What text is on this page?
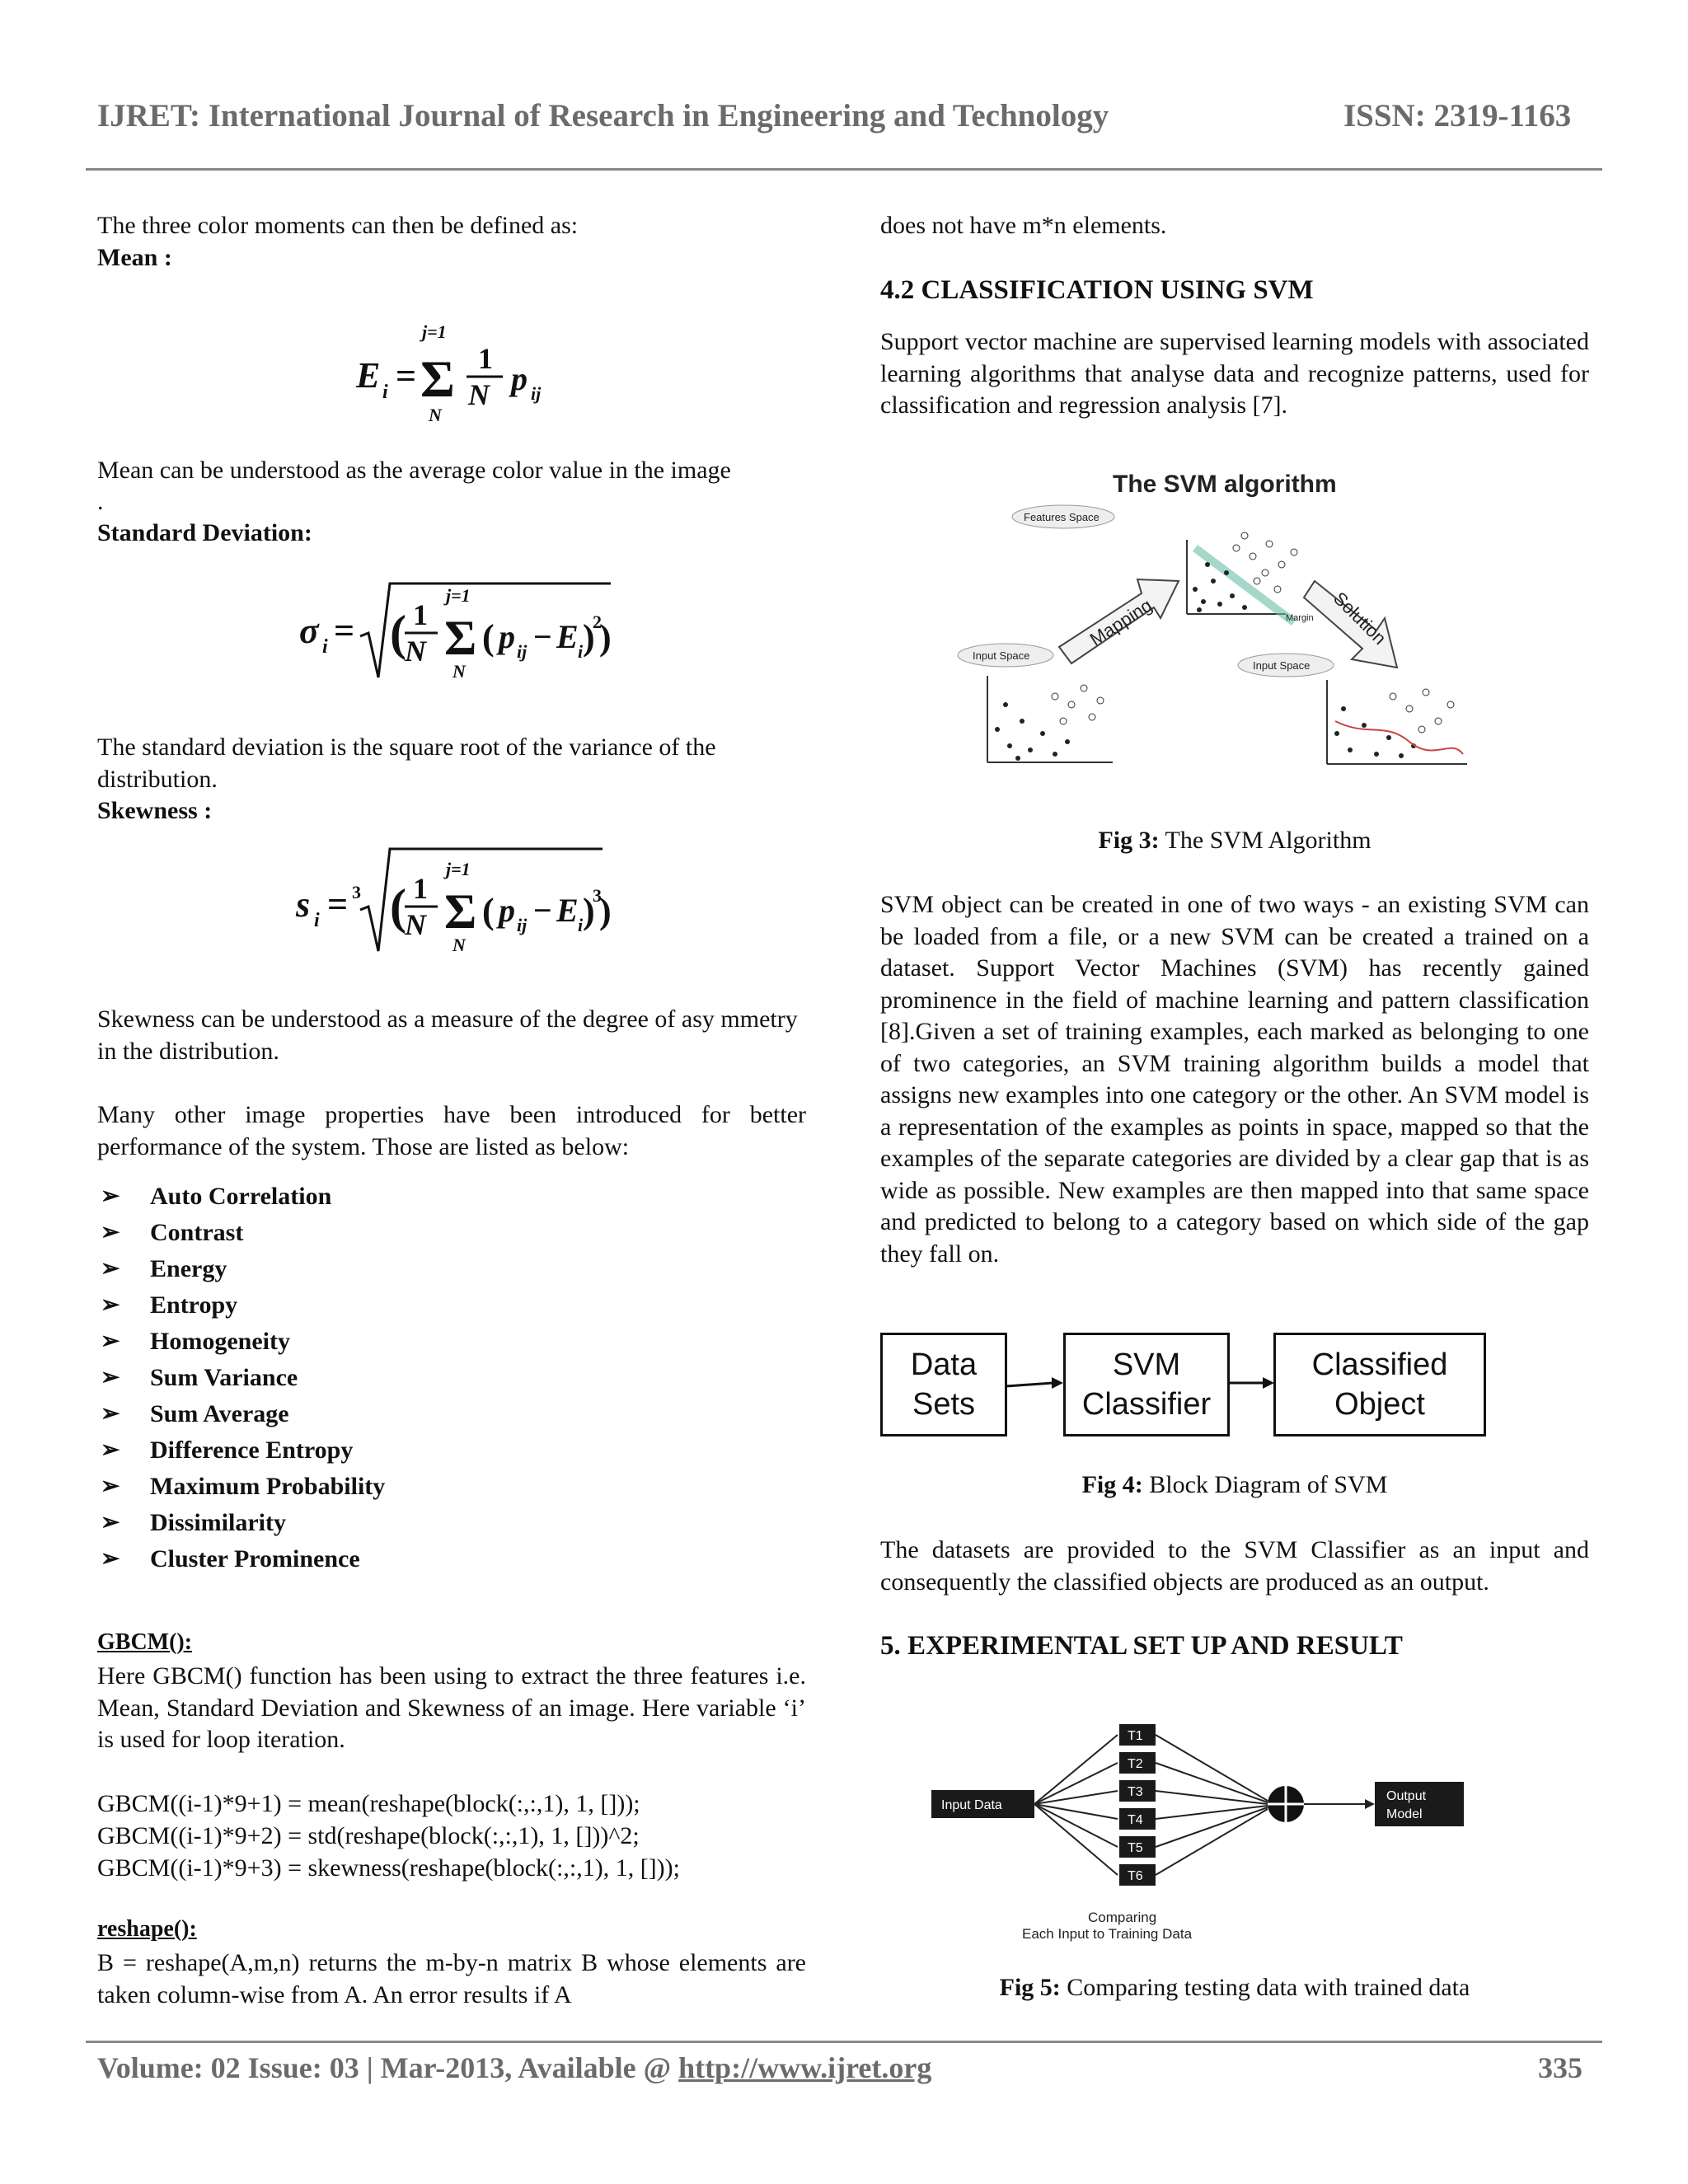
IJRET: International Journal of Research in Engineering and Technology	ISSN: 2319-1163
The three color moments can then be defined as:
Mean :
E i =
j=1
Σ
N
1
N p ij
Mean can be understood as the average color value in the image
.
Standard Deviation:
σ i = ( 1
N
j=1
Σ
N
( p ij − E i )
2
)
The standard deviation is the square root of the variance of the distribution.
Skewness :
s i = 3 ( 1
N
j=1
Σ
N
( p ij − E i )
3
)
Skewness can be understood as a measure of the degree of asy mmetry in the distribution.
Many other image properties have been introduced for better performance of the system. Those are listed as below:
➢ Auto Correlation
➢ Contrast
➢ Energy
➢ Entropy
➢ Homogeneity
➢ Sum Variance
➢ Sum Average
➢ Difference Entropy
➢ Maximum Probability
➢ Dissimilarity
➢ Cluster Prominence
GBCM():
Here GBCM() function has been using to extract the three features i.e. Mean, Standard Deviation and Skewness of an image. Here variable ‘i’ is used for loop iteration.
GBCM((i-1)*9+1) = mean(reshape(block(:,:,1), 1, []));
GBCM((i-1)*9+2) = std(reshape(block(:,:,1), 1, []))^2;
GBCM((i-1)*9+3) = skewness(reshape(block(:,:,1), 1, []));
reshape():
B = reshape(A,m,n) returns the m-by-n matrix B whose elements are taken column-wise from A. An error results if A
does not have m*n elements.
4.2 CLASSIFICATION USING SVM
Support vector machine are supervised learning models with associated learning algorithms that analyse data and recognize patterns, used for classification and regression analysis [7].
The SVM algorithm
Features Space
Margin
Mapping	Solution
Input Space
Input Space
Fig 3: The SVM Algorithm
SVM object can be created in one of two ways - an existing SVM can be loaded from a file, or a new SVM can be created a trained on a dataset. Support Vector Machines (SVM) has recently gained prominence in the field of machine learning and pattern classification [8].Given a set of training examples, each marked as belonging to one of two categories, an SVM training algorithm builds a model that assigns new examples into one category or the other. An SVM model is a representation of the examples as points in space, mapped so that the examples of the separate categories are divided by a clear gap that is as wide as possible. New examples are then mapped into that same space and predicted to belong to a category based on which side of the gap they fall on.
Data
Sets
SVM
Classifier
Classified
Object
Fig 4: Block Diagram of SVM
The datasets are provided to the SVM Classifier as an input and consequently the classified objects are produced as an output.
5. EXPERIMENTAL SET UP AND RESULT
Input Data
T1
T2
T3
T4
T5
T6
Output
Model
Comparing
Each Input to Training Data
Fig 5: Comparing testing data with trained data
Volume: 02 Issue: 03 | Mar-2013, Available @ http://www.ijret.org	335
